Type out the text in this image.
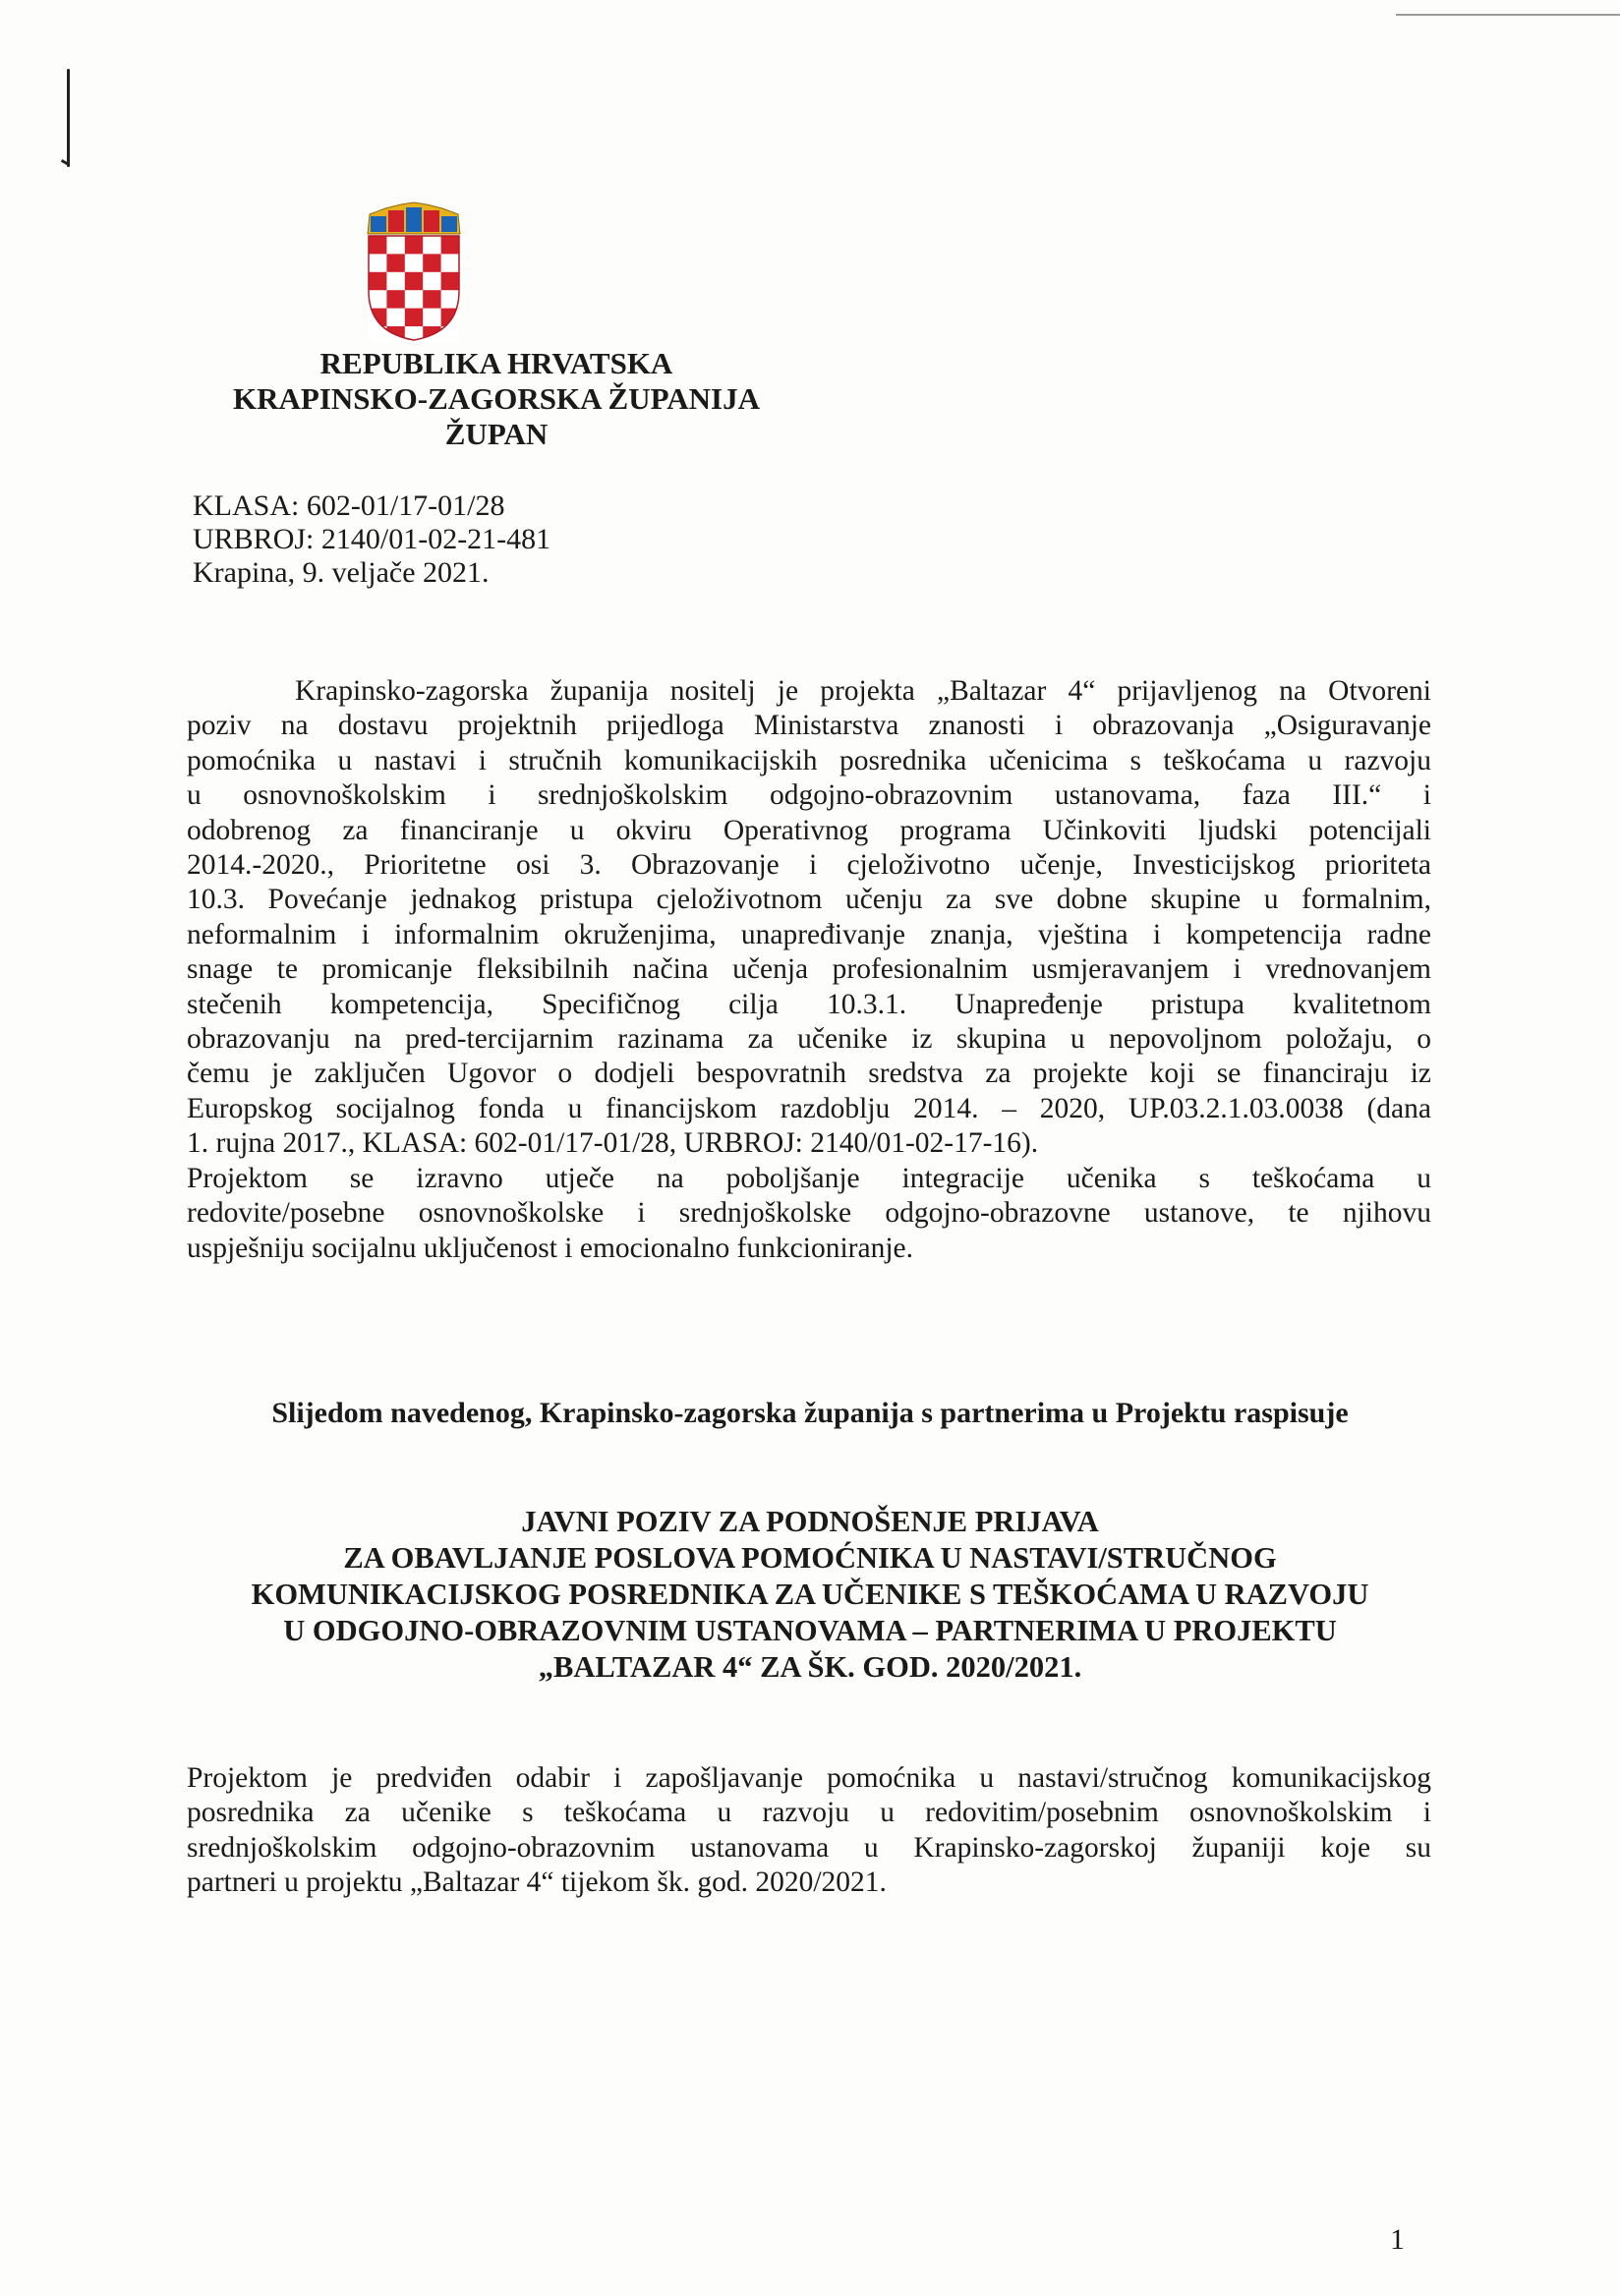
REPUBLIKA HRVATSKA
KRAPINSKO-ZAGORSKA ŽUPANIJA
ŽUPAN
KLASA: 602-01/17-01/28
URBROJ: 2140/01-02-21-481
Krapina, 9. veljače 2021.
Krapinsko-zagorska županija nositelj je projekta „Baltazar 4“ prijavljenog na Otvoreni
poziv na dostavu projektnih prijedloga Ministarstva znanosti i obrazovanja „Osiguravanje
pomoćnika u nastavi i stručnih komunikacijskih posrednika učenicima s teškoćama u razvoju
u osnovnoškolskim i srednjoškolskim odgojno-obrazovnim ustanovama, faza III.“ i
odobrenog za financiranje u okviru Operativnog programa Učinkoviti ljudski potencijali
2014.-2020., Prioritetne osi 3. Obrazovanje i cjeloživotno učenje, Investicijskog prioriteta
10.3. Povećanje jednakog pristupa cjeloživotnom učenju za sve dobne skupine u formalnim,
neformalnim i informalnim okruženjima, unapređivanje znanja, vještina i kompetencija radne
snage te promicanje fleksibilnih načina učenja profesionalnim usmjeravanjem i vrednovanjem
stečenih kompetencija, Specifičnog cilja 10.3.1. Unapređenje pristupa kvalitetnom
obrazovanju na pred-tercijarnim razinama za učenike iz skupina u nepovoljnom položaju, o
čemu je zaključen Ugovor o dodjeli bespovratnih sredstva za projekte koji se financiraju iz
Europskog socijalnog fonda u financijskom razdoblju 2014. – 2020, UP.03.2.1.03.0038 (dana
1. rujna 2017., KLASA: 602-01/17-01/28, URBROJ: 2140/01-02-17-16).
Projektom se izravno utječe na poboljšanje integracije učenika s teškoćama u
redovite/posebne osnovnoškolske i srednjoškolske odgojno-obrazovne ustanove, te njihovu
uspješniju socijalnu uključenost i emocionalno funkcioniranje.
Slijedom navedenog, Krapinsko-zagorska županija s partnerima u Projektu raspisuje
JAVNI POZIV ZA PODNOŠENJE PRIJAVA
ZA OBAVLJANJE POSLOVA POMOĆNIKA U NASTAVI/STRUČNOG
KOMUNIKACIJSKOG POSREDNIKA ZA UČENIKE S TEŠKOĆAMA U RAZVOJU
U ODGOJNO-OBRAZOVNIM USTANOVAMA – PARTNERIMA U PROJEKTU
„BALTAZAR 4“ ZA ŠK. GOD. 2020/2021.
Projektom je predviđen odabir i zapošljavanje pomoćnika u nastavi/stručnog komunikacijskog
posrednika za učenike s teškoćama u razvoju u redovitim/posebnim osnovnoškolskim i
srednjoškolskim odgojno-obrazovnim ustanovama u Krapinsko-zagorskoj županiji koje su
partneri u projektu „Baltazar 4“ tijekom šk. god. 2020/2021.
1
